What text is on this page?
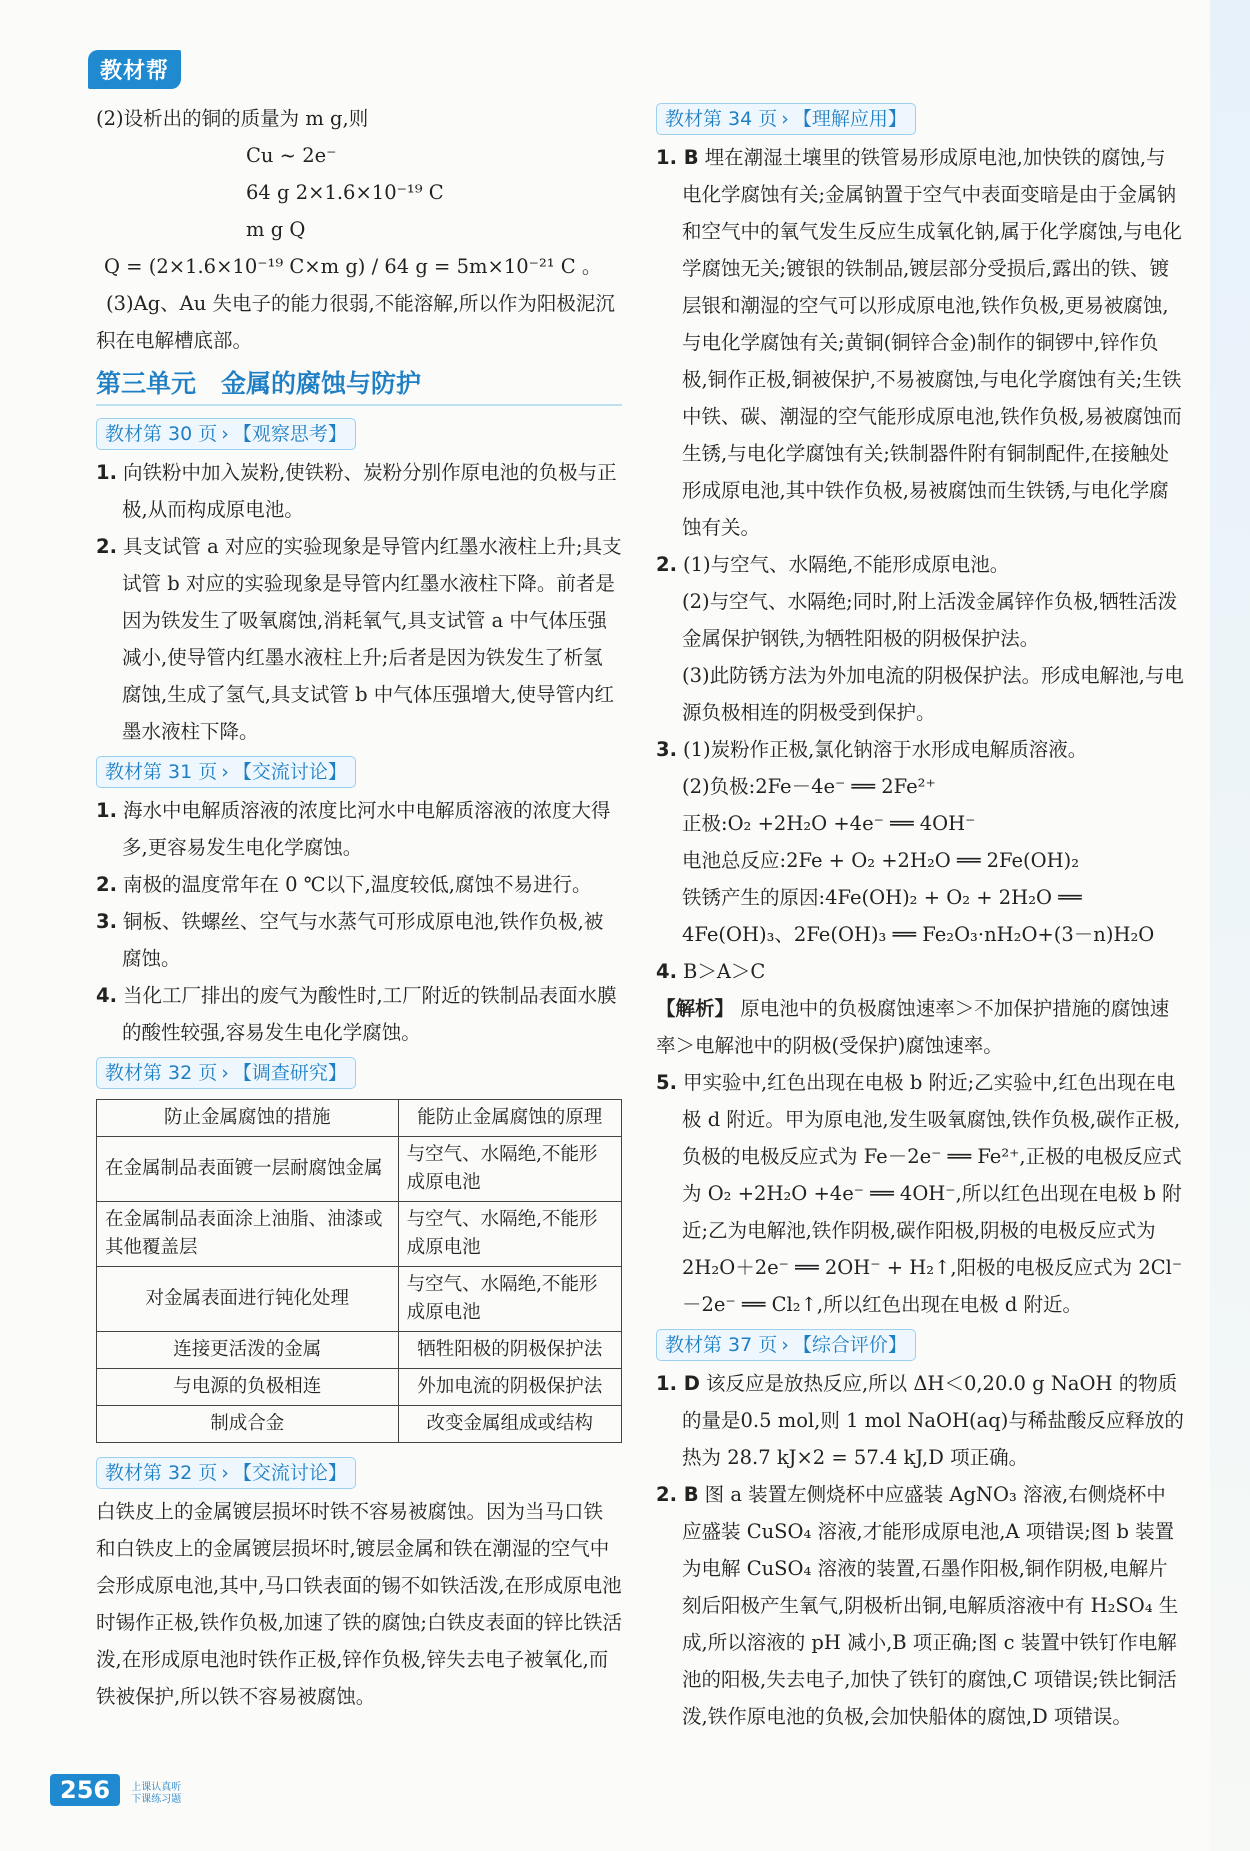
教材帮

(2)设析出的铜的质量为 m g,则

Cu ~ 2e⁻

64 g 2×1.6×10⁻¹⁹ C

m g Q

Q = (2×1.6×10⁻¹⁹ C×m g) / 64 g = 5m×10⁻²¹ C 。

(3)Ag、Au 失电子的能力很弱,不能溶解,所以作为阳极泥沉积在电解槽底部。

第三单元　金属的腐蚀与防护
教材第 30 页 › 【观察思考】

1. 向铁粉中加入炭粉,使铁粉、炭粉分别作原电池的负极与正极,从而构成原电池。

2. 具支试管 a 对应的实验现象是导管内红墨水液柱上升;具支试管 b 对应的实验现象是导管内红墨水液柱下降。前者是因为铁发生了吸氧腐蚀,消耗氧气,具支试管 a 中气体压强减小,使导管内红墨水液柱上升;后者是因为铁发生了析氢腐蚀,生成了氢气,具支试管 b 中气体压强增大,使导管内红墨水液柱下降。

教材第 31 页 › 【交流讨论】

1. 海水中电解质溶液的浓度比河水中电解质溶液的浓度大得多,更容易发生电化学腐蚀。

2. 南极的温度常年在 0 ℃以下,温度较低,腐蚀不易进行。

3. 铜板、铁螺丝、空气与水蒸气可形成原电池,铁作负极,被腐蚀。

4. 当化工厂排出的废气为酸性时,工厂附近的铁制品表面水膜的酸性较强,容易发生电化学腐蚀。

教材第 32 页 › 【调查研究】
防止金属腐蚀的措施	能防止金属腐蚀的原理
在金属制品表面镀一层耐腐蚀金属	与空气、水隔绝,不能形成原电池
在金属制品表面涂上油脂、油漆或其他覆盖层	与空气、水隔绝,不能形成原电池
对金属表面进行钝化处理	与空气、水隔绝,不能形成原电池
连接更活泼的金属	牺牲阳极的阴极保护法
与电源的负极相连	外加电流的阴极保护法
制成合金	改变金属组成或结构
教材第 32 页 › 【交流讨论】

白铁皮上的金属镀层损坏时铁不容易被腐蚀。因为当马口铁和白铁皮上的金属镀层损坏时,镀层金属和铁在潮湿的空气中会形成原电池,其中,马口铁表面的锡不如铁活泼,在形成原电池时锡作正极,铁作负极,加速了铁的腐蚀;白铁皮表面的锌比铁活泼,在形成原电池时铁作正极,锌作负极,锌失去电子被氧化,而铁被保护,所以铁不容易被腐蚀。

教材第 34 页 › 【理解应用】

1. B 埋在潮湿土壤里的铁管易形成原电池,加快铁的腐蚀,与电化学腐蚀有关;金属钠置于空气中表面变暗是由于金属钠和空气中的氧气发生反应生成氧化钠,属于化学腐蚀,与电化学腐蚀无关;镀银的铁制品,镀层部分受损后,露出的铁、镀层银和潮湿的空气可以形成原电池,铁作负极,更易被腐蚀,与电化学腐蚀有关;黄铜(铜锌合金)制作的铜锣中,锌作负极,铜作正极,铜被保护,不易被腐蚀,与电化学腐蚀有关;生铁中铁、碳、潮湿的空气能形成原电池,铁作负极,易被腐蚀而生锈,与电化学腐蚀有关;铁制器件附有铜制配件,在接触处形成原电池,其中铁作负极,易被腐蚀而生铁锈,与电化学腐蚀有关。

2. (1)与空气、水隔绝,不能形成原电池。

(2)与空气、水隔绝;同时,附上活泼金属锌作负极,牺牲活泼金属保护钢铁,为牺牲阳极的阴极保护法。

(3)此防锈方法为外加电流的阴极保护法。形成电解池,与电源负极相连的阴极受到保护。

3. (1)炭粉作正极,氯化钠溶于水形成电解质溶液。

(2)负极:2Fe－4e⁻ ══ 2Fe²⁺

正极:O₂ +2H₂O +4e⁻ ══ 4OH⁻

电池总反应:2Fe + O₂ +2H₂O ══ 2Fe(OH)₂

铁锈产生的原因:4Fe(OH)₂ + O₂ + 2H₂O ══ 4Fe(OH)₃、2Fe(OH)₃ ══ Fe₂O₃·nH₂O+(3－n)H₂O

4. B＞A＞C

【解析】 原电池中的负极腐蚀速率＞不加保护措施的腐蚀速率＞电解池中的阴极(受保护)腐蚀速率。

5. 甲实验中,红色出现在电极 b 附近;乙实验中,红色出现在电极 d 附近。甲为原电池,发生吸氧腐蚀,铁作负极,碳作正极,负极的电极反应式为 Fe－2e⁻ ══ Fe²⁺,正极的电极反应式为 O₂ +2H₂O +4e⁻ ══ 4OH⁻,所以红色出现在电极 b 附近;乙为电解池,铁作阴极,碳作阳极,阴极的电极反应式为 2H₂O＋2e⁻ ══ 2OH⁻ + H₂↑,阳极的电极反应式为 2Cl⁻－2e⁻ ══ Cl₂↑,所以红色出现在电极 d 附近。

教材第 37 页 › 【综合评价】

1. D 该反应是放热反应,所以 ΔH＜0,20.0 g NaOH 的物质的量是0.5 mol,则 1 mol NaOH(aq)与稀盐酸反应释放的热为 28.7 kJ×2 = 57.4 kJ,D 项正确。

2. B 图 a 装置左侧烧杯中应盛装 AgNO₃ 溶液,右侧烧杯中应盛装 CuSO₄ 溶液,才能形成原电池,A 项错误;图 b 装置为电解 CuSO₄ 溶液的装置,石墨作阳极,铜作阴极,电解片刻后阳极产生氧气,阴极析出铜,电解质溶液中有 H₂SO₄ 生成,所以溶液的 pH 减小,B 项正确;图 c 装置中铁钉作电解池的阳极,失去电子,加快了铁钉的腐蚀,C 项错误;铁比铜活泼,铁作原电池的负极,会加快船体的腐蚀,D 项错误。

256 上课认真听
下课练习题
